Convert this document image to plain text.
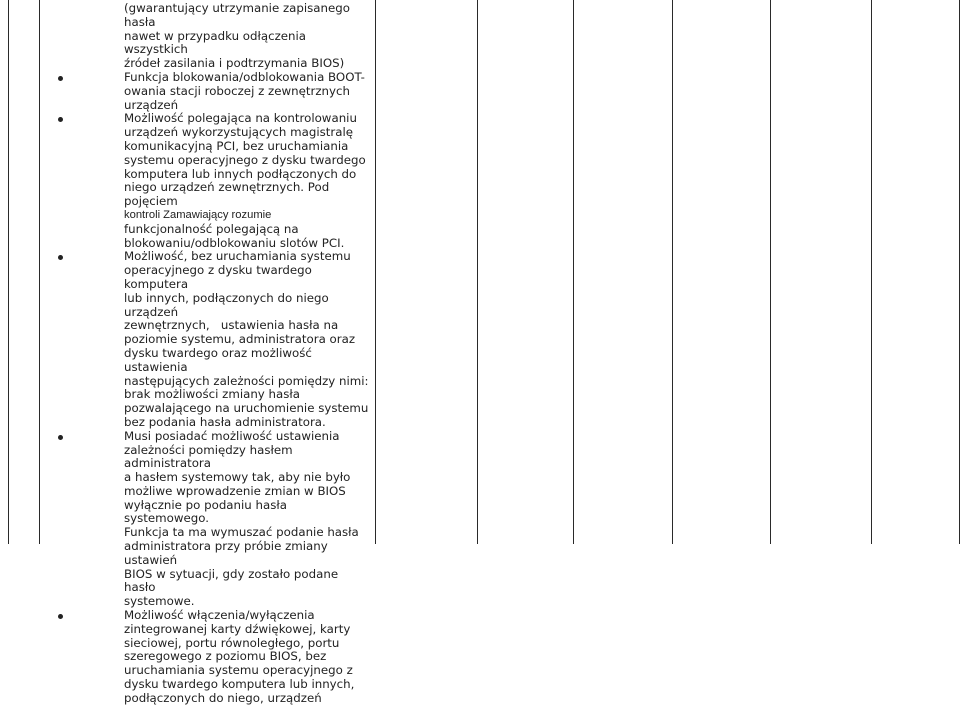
(gwarantujący utrzymanie zapisanego hasła
nawet w przypadku odłączenia wszystkich
źródeł zasilania i podtrzymania BIOS)
Funkcja blokowania/odblokowania BOOT-
owania stacji roboczej z zewnętrznych
urządzeń
Możliwość polegająca na kontrolowaniu
urządzeń wykorzystujących magistralę
komunikacyjną PCI, bez uruchamiania
systemu operacyjnego z dysku twardego
komputera lub innych podłączonych do
niego urządzeń zewnętrznych. Pod pojęciem
kontroli Zamawiający rozumie
funkcjonalność polegającą na
blokowaniu/odblokowaniu slotów PCI.
Możliwość, bez uruchamiania systemu
operacyjnego z dysku twardego komputera
lub innych, podłączonych do niego urządzeń
zewnętrznych,   ustawienia hasła na
poziomie systemu, administratora oraz
dysku twardego oraz możliwość ustawienia
następujących zależności pomiędzy nimi:
brak możliwości zmiany hasła
pozwalającego na uruchomienie systemu
bez podania hasła administratora.
Musi posiadać możliwość ustawienia
zależności pomiędzy hasłem administratora
a hasłem systemowy tak, aby nie było
możliwe wprowadzenie zmian w BIOS
wyłącznie po podaniu hasła systemowego.
Funkcja ta ma wymuszać podanie hasła
administratora przy próbie zmiany ustawień
BIOS w sytuacji, gdy zostało podane hasło
systemowe.
Możliwość włączenia/wyłączenia
zintegrowanej karty dźwiękowej, karty
sieciowej, portu równoległego, portu
szeregowego z poziomu BIOS, bez
uruchamiania systemu operacyjnego z
dysku twardego komputera lub innych,
podłączonych do niego, urządzeń
